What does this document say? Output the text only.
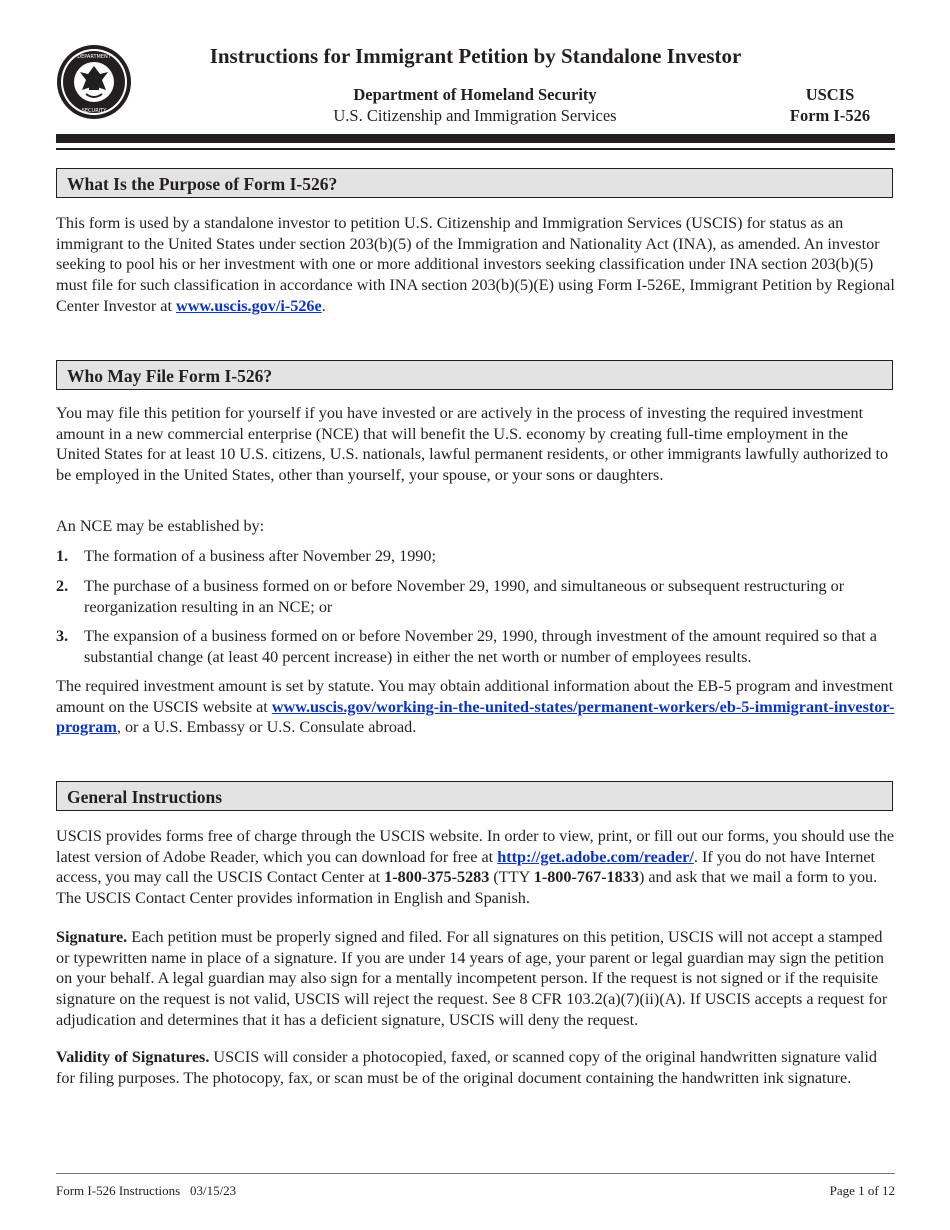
DEPARTMENT
SECURITY
Instructions for Immigrant Petition by Standalone Investor
Department of Homeland Security
U.S. Citizenship and Immigration Services
USCIS
Form I-526
What Is the Purpose of Form I-526?

This form is used by a standalone investor to petition U.S. Citizenship and Immigration Services (USCIS) for status as an immigrant to the United States under section 203(b)(5) of the Immigration and Nationality Act (INA), as amended. An investor seeking to pool his or her investment with one or more additional investors seeking classification under INA section 203(b)(5) must file for such classification in accordance with INA section 203(b)(5)(E) using Form I-526E, Immigrant Petition by Regional Center Investor at www.uscis.gov/i-526e.

Who May File Form I-526?

You may file this petition for yourself if you have invested or are actively in the process of investing the required investment amount in a new commercial enterprise (NCE) that will benefit the U.S. economy by creating full-time employment in the United States for at least 10 U.S. citizens, U.S. nationals, lawful permanent residents, or other immigrants lawfully authorized to be employed in the United States, other than yourself, your spouse, or your sons or daughters.

An NCE may be established by:

1. The formation of a business after November 29, 1990;
2. The purchase of a business formed on or before November 29, 1990, and simultaneous or subsequent restructuring or reorganization resulting in an NCE; or
3. The expansion of a business formed on or before November 29, 1990, through investment of the amount required so that a substantial change (at least 40 percent increase) in either the net worth or number of employees results.

The required investment amount is set by statute. You may obtain additional information about the EB-5 program and investment amount on the USCIS website at www.uscis.gov/working-in-the-united-states/permanent-workers/eb-5-immigrant-investor-program, or a U.S. Embassy or U.S. Consulate abroad.

General Instructions

USCIS provides forms free of charge through the USCIS website. In order to view, print, or fill out our forms, you should use the latest version of Adobe Reader, which you can download for free at http://get.adobe.com/reader/. If you do not have Internet access, you may call the USCIS Contact Center at 1-800-375-5283 (TTY 1-800-767-1833) and ask that we mail a form to you. The USCIS Contact Center provides information in English and Spanish.

Signature. Each petition must be properly signed and filed. For all signatures on this petition, USCIS will not accept a stamped or typewritten name in place of a signature. If you are under 14 years of age, your parent or legal guardian may sign the petition on your behalf. A legal guardian may also sign for a mentally incompetent person. If the request is not signed or if the requisite signature on the request is not valid, USCIS will reject the request. See 8 CFR 103.2(a)(7)(ii)(A). If USCIS accepts a request for adjudication and determines that it has a deficient signature, USCIS will deny the request.

Validity of Signatures. USCIS will consider a photocopied, faxed, or scanned copy of the original handwritten signature valid for filing purposes. The photocopy, fax, or scan must be of the original document containing the handwritten ink signature.

Form I-526 Instructions   03/15/23	Page 1 of 12
